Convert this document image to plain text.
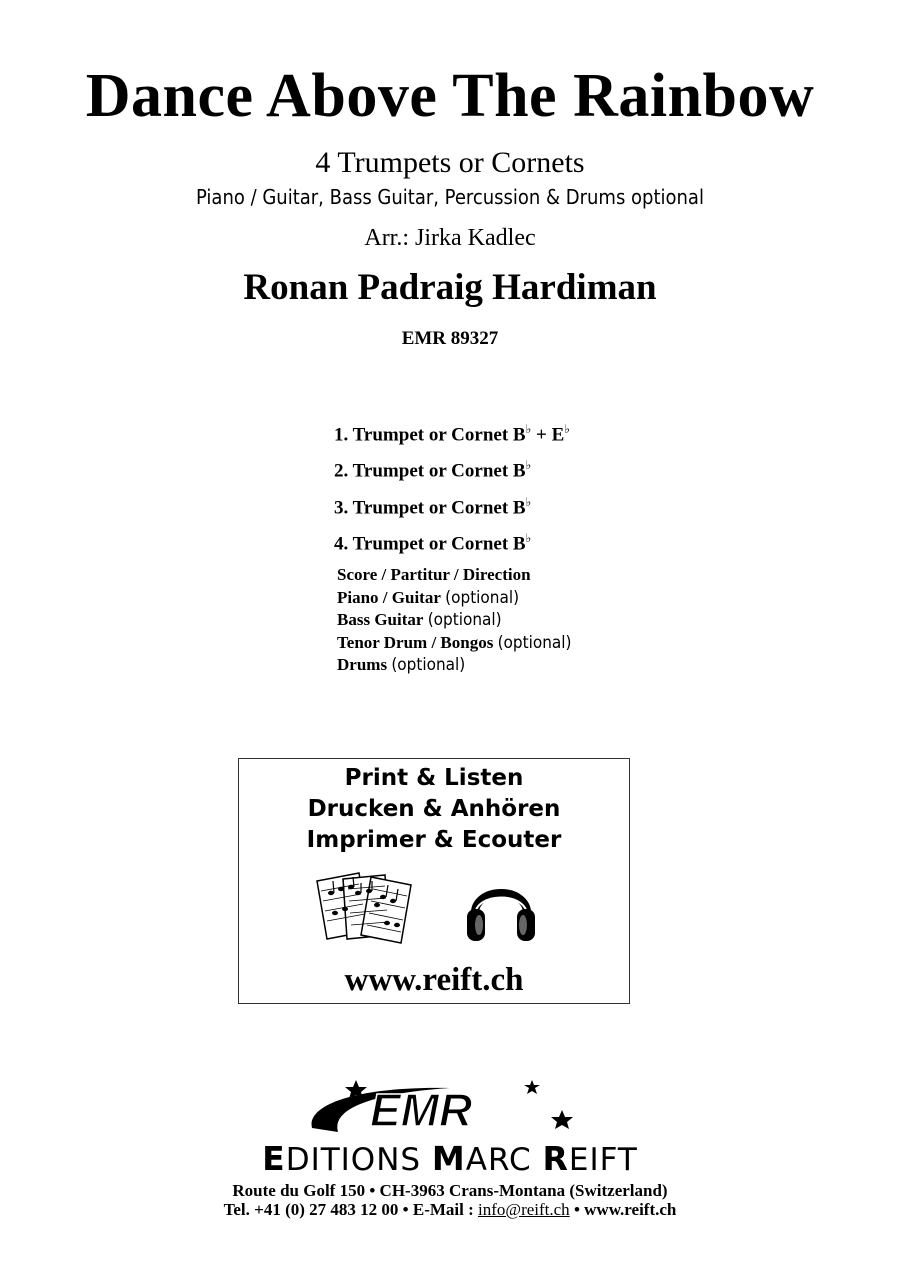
Dance Above The Rainbow
4 Trumpets or Cornets
Piano / Guitar, Bass Guitar, Percussion & Drums optional
Arr.: Jirka Kadlec
Ronan Padraig Hardiman
EMR 89327
1. Trumpet or Cornet B♭ + E♭
2. Trumpet or Cornet B♭
3. Trumpet or Cornet B♭
4. Trumpet or Cornet B♭
Score / Partitur / Direction
Piano / Guitar (optional)
Bass Guitar (optional)
Tenor Drum / Bongos (optional)
Drums (optional)
Print & Listen
Drucken & Anhören
Imprimer & Ecouter
www.reift.ch
EMR
EDITIONS MARC REIFT
Route du Golf 150 • CH-3963 Crans-Montana (Switzerland)
Tel. +41 (0) 27 483 12 00 • E-Mail : info@reift.ch • www.reift.ch
